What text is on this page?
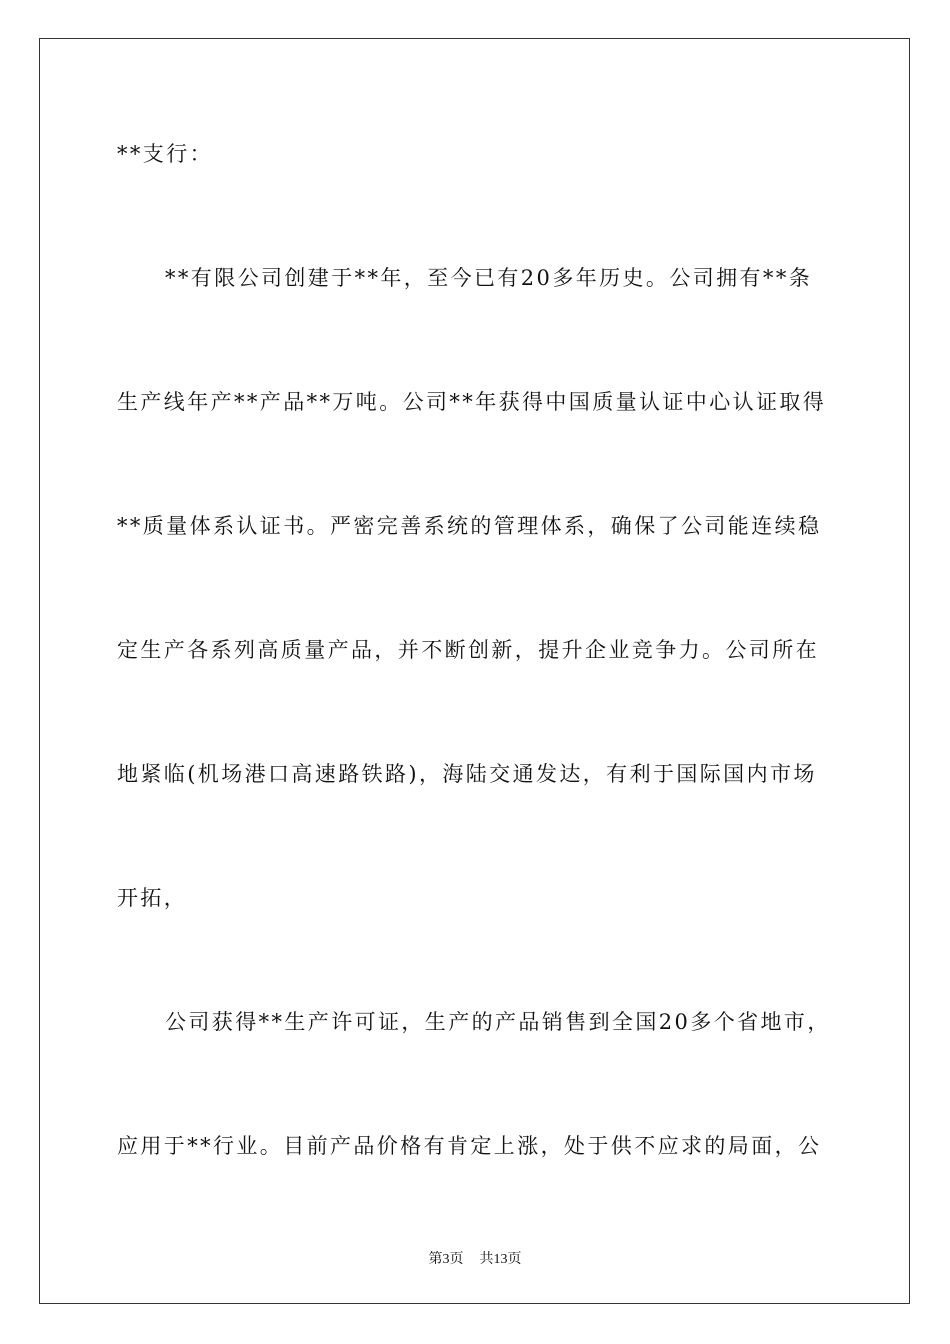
**支行：
**有限公司创建于**年，至今已有20多年历史。公司拥有**条
生产线年产**产品**万吨。公司**年获得中国质量认证中心认证取得
**质量体系认证书。严密完善系统的管理体系，确保了公司能连续稳
定生产各系列高质量产品，并不断创新，提升企业竞争力。公司所在
地紧临(机场港口高速路铁路)，海陆交通发达，有利于国际国内市场
开拓，
公司获得**生产许可证，生产的产品销售到全国20多个省地市，
应用于**行业。目前产品价格有肯定上涨，处于供不应求的局面，公
第3页 共13页
